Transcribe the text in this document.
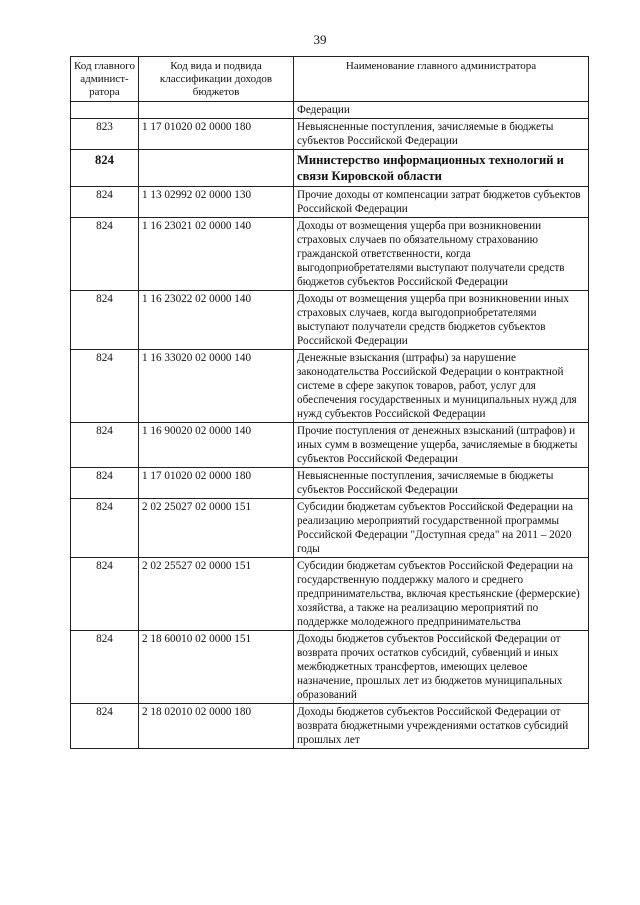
39
Код главного админист-ратора	Код вида и подвида классификации доходов бюджетов	Наименование главного администратора
		Федерации
823	1 17 01020 02 0000 180	Невыясненные поступления, зачисляемые в бюджеты субъектов Российской Федерации
824		Министерство информационных технологий и связи Кировской области
824	1 13 02992 02 0000 130	Прочие доходы от компенсации затрат бюджетов субъектов Российской Федерации
824	1 16 23021 02 0000 140	Доходы от возмещения ущерба при возникновении страховых случаев по обязательному страхованию гражданской ответственности, когда выгодоприобретателями выступают получатели средств бюджетов субъектов Российской Федерации
824	1 16 23022 02 0000 140	Доходы от возмещения ущерба при возникновении иных страховых случаев, когда выгодоприобретателями выступают получатели средств бюджетов субъектов Российской Федерации
824	1 16 33020 02 0000 140	Денежные взыскания (штрафы) за нарушение законодательства Российской Федерации о контрактной системе в сфере закупок товаров, работ, услуг для обеспечения государственных и муниципальных нужд для нужд субъектов Российской Федерации
824	1 16 90020 02 0000 140	Прочие поступления от денежных взысканий (штрафов) и иных сумм в возмещение ущерба, зачисляемые в бюджеты субъектов Российской Федерации
824	1 17 01020 02 0000 180	Невыясненные поступления, зачисляемые в бюджеты субъектов Российской Федерации
824	2 02 25027 02 0000 151	Субсидии бюджетам субъектов Российской Федерации на реализацию мероприятий государственной программы Российской Федерации "Доступная среда" на 2011 – 2020 годы
824	2 02 25527 02 0000 151	Субсидии бюджетам субъектов Российской Федерации на государственную поддержку малого и среднего предпринимательства, включая крестьянские (фермерские) хозяйства, а также на реализацию мероприятий по поддержке молодежного предпринимательства
824	2 18 60010 02 0000 151	Доходы бюджетов субъектов Российской Федерации от возврата прочих остатков субсидий, субвенций и иных межбюджетных трансфертов, имеющих целевое назначение, прошлых лет из бюджетов муниципальных образований
824	2 18 02010 02 0000 180	Доходы бюджетов субъектов Российской Федерации от возврата бюджетными учреждениями остатков субсидий прошлых лет
